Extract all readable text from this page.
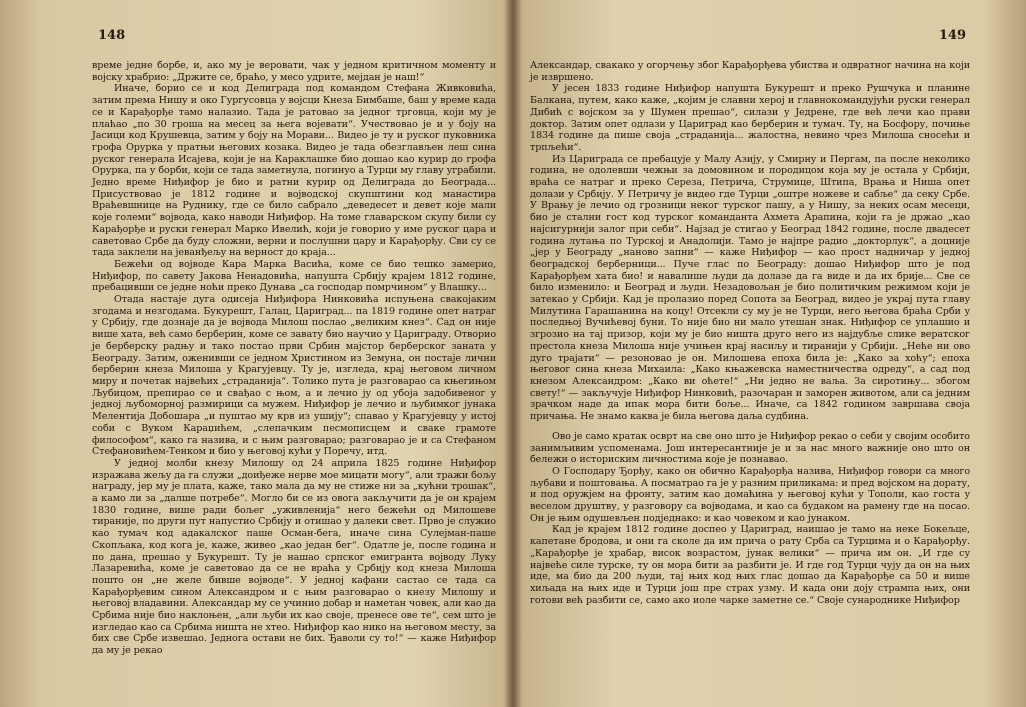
148

време једне борбе, и, ако му је веровати, чак у једном критичном моменту и војску храбрио: „Држите се, браћо, у месо удрите, мејдан је наш!“

Иначе, борио се и код Делиграда под командом Стефана Живковића, затим према Нишу и око Гургусовца у војсци Кнеза Бимбаше, баш у време када се и Карађорђе тамо налазио. Тада је ратовао за једног трговца, који му је плаћао „по 30 гроша на месец за њега војевати“. Учествовао је и у боју на Јасици код Крушевца, затим у бoју на Морави... Видео је ту и руског пуковника грофа Орурка у пратњи његових козака. Видео је тада обезглављен леш сина руског генерала Исајева, који је на Караклашке био дошао као курир до грофа Орурка, па у борби, који се тада заметнула, погинуо а Турци му главу уграбили. Једно време Ниђифор је био и ратни курир од Делиграда до Београда... Присуствовао је 1812 године и војводској скупштини код манастира Враћевшнице на Руднику, где се било сабрало „деведесет и девет које мали које големи“ војвода, како наводи Ниђифор. На томе главарском скупу били су Карађорђе и руски генерал Марко Ивелић, који је говорио у име руског цара и саветовао Србе да буду сложни, верни и послушни цару и Карађорђу. Сви су се тада заклели на јеванђељу на верност до краја...

Бежећи од војводе Кара Марка Васића, коме се био тешко замерио, Ниђифор, по савету Јакова Ненадовића, напушта Србију крајем 1812 године, пребацивши се једне ноћи преко Дунава „са господар помрчином“ у Влашку...

Отада настаје дуга одисеја Ниђифора Нинковића испуњена свакојаким згодама и незгодама. Букурешт, Галац, Цариград... па 1819 године опет натраг у Србију, где дознаје да је војвода Милош послао „великим кнез“. Сад он није више хата, већ само берберин, коме се завату био научио у Цариграду. Отворио је берберску радњу и тако постао први Србин мајстор берберског заната у Београду. Затим, оженивши се једном Христином из Земуна, он постаје лични берберин кнеза Милоша у Крагујевцу. Ту је, изгледа, крај његовом личном миру и почетак највећих „страданија“. Толико пута је разговарао са књегињом Љубицом, препирао се и свађао с њом, а и лечио ју од убоја задобивеног у једној љубоморној размирици са мужем. Ниђифор је лечио и љубимког јунака Мелентија Добошара „и пуштао му крв из ушију“; спавао у Крагујевцу у истој соби с Вуком Караџићем, „слепачким песмописцем и сваке грамоте философом“, како га назива, и с њим разговарао; разговарао је и са Стефаном Стефановићем-Тенком и био у његовој кући у Поречу, итд.

У једној молби кнезу Милошу од 24 априла 1825 године Ниђифор изражава жељу да га служи „доиђеже нерве мое мицати могу“, али тражи бољу награду, јер му је плата, каже, тако мала да му не стиже ни за „кућни трошак“, а камо ли за „далше потребе“. Могло би се из овога закључити да је он крајем 1830 године, више ради бољег „уживленија“ него бежећи од Милошеве тираније, по други пут напустио Србију и отишао у далеки свет. Прво је служио као тумач код адакалског паше Осман-бега, иначе сина Сулејман-паше Скопљака, код кога је, каже, живео „као један бег“. Одатле је, после година и по дана, прешао у Букурешт. Ту је нашао српског емигранта војводу Луку Лазаревића, коме је саветовао да се не враћа у Србију код кнеза Милоша пошто он „не желе бивше војводе“. У једној кафани састао се тада са Карађорђевим сином Александром и с њим разговарао о кнезу Милошу и његовој владавини. Александар му се учинио добар и наметан човек, али као да Србима није био наклоњен, „али љуби их као своје, пренесе ове те“, сем што је изгледао као са Србима ништа не хтео. Ниђифор као нико на његовом месту, за бих све Србе извешао. Једнога остави не бих. Ђаволи су то!“ — каже Ниђифор да му је рекао

149

Александар, свакако у огорчењу због Карађорђева убиства и одвратног начина на који је извршено.

У јесен 1833 године Ниђифор напушта Букурешт и преко Рушчука и планине Балкана, путем, како каже, „којим је славни херој и главнокомандујући руски генерал Дибић с војском за у Шумен прешао“, силази у Једрене, где већ лечи као прави доктор. Затим опет одлази у Цариград као берберин и тумач. Ту, на Босфору, почиње 1834 године да пише своја „страданија... жалостна, невино чрез Милоша сносећи и трпљећи“.

Из Цариграда се пребацује у Малу Азију, у Смирну и Пергам, па после неколико година, не одолевши чежњи за домовином и породицом која му је остала у Србији, враћа се натраг и преко Сереза, Петрича, Струмице, Штипа, Врања и Ниша опет долази у Србију. У Петричу је видео где Турци „оштре ножеве и сабље“ да секу Србе. У Врању је лечио од грозници неког турског пашу, а у Нишу, за неких осам месеци, био је стални гост код турског команданта Ахмета Арапина, који га је држао „као најсигурнији залог при себи“. Најзад је стигао у Београд 1842 године, после двадесет година лутања по Турској и Анадолији. Тамо је најпре радио „докторлук“, а доцније „јер у Београду „наново запни“ — каже Ниђифор — као прост надничар у једној београдској берберници... Пуче глас по Београду: дошао Ниђифор што је под Карађорђем хата био! и навалише људи да долазе да га виде и да их брије... Све се било изменило: и Београд и људи. Незадовољан је био политичким режимом који је затекао у Србији. Кад је пролазио поред Сопота за Београд, видео је украј пута главу Милутина Гарашанина на коцу! Отсекли су му је не Турци, него његова браћа Срби у последњој Вучићевој буни. То није био ни мало утешан знак. Ниђифор се уплашио и згрозио на тај призор, који му је био ништа друго него из најдубље слике вератског престола кнеза Милоша није учињен крај насиљу и тиранији у Србији. „Неће ни ово дуго трајати“ — резоновао је он. Милошева епоха била је: „Како за хоћу“; епоха његовог сина кнеза Михаила: „Како књажевска наместничества одреду“, а сад под кнезом Александром: „Како ви оћете!“ „Ни једно не ваља. За сиротињу... збогом свету!“ — закључује Ниђифор Нинковић, разочаран и заморен животом, али са једним зрачком наде да ипак мора бити боље... Иначе, са 1842 годином завршава своја причања. Не знамо каква је била његова даља судбина.

Ово је само кратак осврт на све оно што је Ниђифор рекао о себи у својим особито занимљивим успоменама. Још интересантније је и за нас много важније оно што он бележи о историским личностима које је познавао.

О Господару Ђорђу, како он обично Карађорђа назива, Ниђифор говори са много љубави и поштовања. А посматрао га је у разним приликама: и пред војском на дорату, и под оружјем на фронту, затим као домаћина у његовој кући у Тополи, као госта у веселом друштву, у разговору са војводама, и као са будаком на рамену где на посао. Он је њим одушевљен подједнако: и као човеком и као јунаком.

Кад је крајем 1812 године доспео у Цариград, наишао је тамо на неке Бокељце, капетане бродова, и они га сколе да им прича о рату Срба са Турцима и о Карађорђу. „Карађорђе је храбар, висок возрастом, јунак велики“ — прича им он. „И где су највеће силе турске, ту он мора бити за разбити је. И где год Турци чују да он на њих иде, ма био да 200 људи, тај њих код њих глас дошао да Карађорђе са 50 и више хиљада на њих иде и Турци још пре страх узму. И када они доју стрампа њих, они готови већ разбити се, само ако иоле чарке заметне се.“ Своје сународнике Ниђифор
